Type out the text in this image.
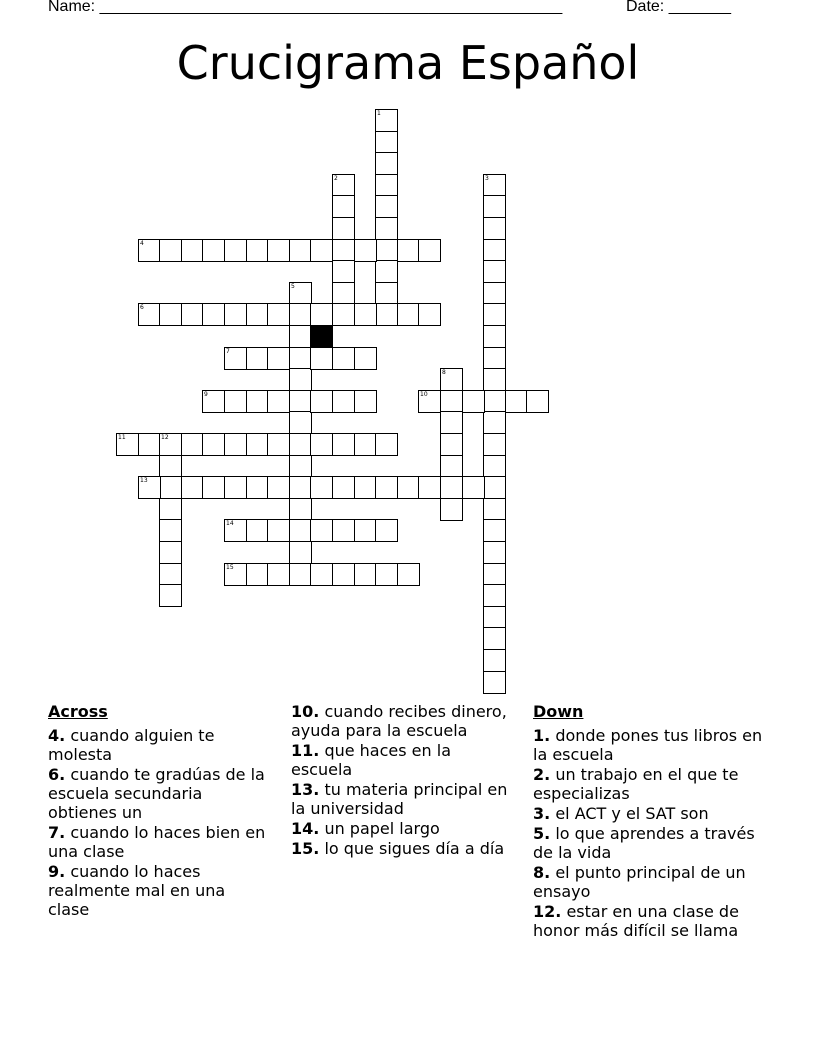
Name: ____________________________________________________	Date: _______
Crucigrama Español
1
2	3
4
5
6
7
8
9	10
11	12
13
14
15
Across
4. cuando alguien te molesta
6. cuando te gradúas de la escuela secundaria obtienes un
7. cuando lo haces bien en una clase
9. cuando lo haces realmente mal en una clase
10. cuando recibes dinero, ayuda para la escuela
11. que haces en la escuela
13. tu materia principal en la universidad
14. un papel largo
15. lo que sigues día a día
Down
1. donde pones tus libros en la escuela
2. un trabajo en el que te especializas
3. el ACT y el SAT son
5. lo que aprendes a través de la vida
8. el punto principal de un ensayo
12. estar en una clase de honor más difícil se llama
